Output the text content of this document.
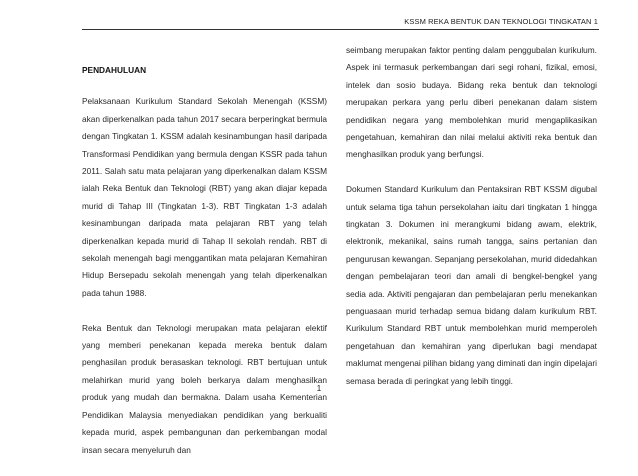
KSSM REKA BENTUK DAN TEKNOLOGI TINGKATAN 1

PENDAHULUAN

Pelaksanaan Kurikulum Standard Sekolah Menengah (KSSM) akan diperkenalkan pada tahun 2017 secara berperingkat bermula dengan Tingkatan 1. KSSM adalah kesinambungan hasil daripada Transformasi Pendidikan yang bermula dengan KSSR pada tahun 2011. Salah satu mata pelajaran yang diperkenalkan dalam KSSM ialah Reka Bentuk dan Teknologi (RBT) yang akan diajar kepada murid di Tahap III (Tingkatan 1-3). RBT Tingkatan 1-3 adalah kesinambungan daripada mata pelajaran RBT yang telah diperkenalkan kepada murid di Tahap II sekolah rendah. RBT di sekolah menengah bagi menggantikan mata pelajaran Kemahiran Hidup Bersepadu sekolah menengah yang telah diperkenalkan pada tahun 1988.

Reka Bentuk dan Teknologi merupakan mata pelajaran elektif yang memberi penekanan kepada mereka bentuk dalam penghasilan produk berasaskan teknologi. RBT bertujuan untuk melahirkan murid yang boleh berkarya dalam menghasilkan produk yang mudah dan bermakna. Dalam usaha Kementerian Pendidikan Malaysia menyediakan pendidikan yang berkualiti kepada murid, aspek pembangunan dan perkembangan modal insan secara menyeluruh dan

seimbang merupakan faktor penting dalam penggubalan kurikulum. Aspek ini termasuk perkembangan dari segi rohani, fizikal, emosi, intelek dan sosio budaya. Bidang reka bentuk dan teknologi merupakan perkara yang perlu diberi penekanan dalam sistem pendidikan negara yang membolehkan murid mengaplikasikan pengetahuan, kemahiran dan nilai melalui aktiviti reka bentuk dan menghasilkan produk yang berfungsi.

Dokumen Standard Kurikulum dan Pentaksiran RBT KSSM digubal untuk selama tiga tahun persekolahan iaitu dari tingkatan 1 hingga tingkatan 3. Dokumen ini merangkumi bidang awam, elektrik, elektronik, mekanikal, sains rumah tangga, sains pertanian dan pengurusan kewangan. Sepanjang persekolahan, murid didedahkan dengan pembelajaran teori dan amali di bengkel-bengkel yang sedia ada. Aktiviti pengajaran dan pembelajaran perlu menekankan penguasaan murid terhadap semua bidang dalam kurikulum RBT. Kurikulum Standard RBT untuk membolehkan murid memperoleh pengetahuan dan kemahiran yang diperlukan bagi mendapat maklumat mengenai pilihan bidang yang diminati dan ingin dipelajari semasa berada di peringkat yang lebih tinggi.

1
